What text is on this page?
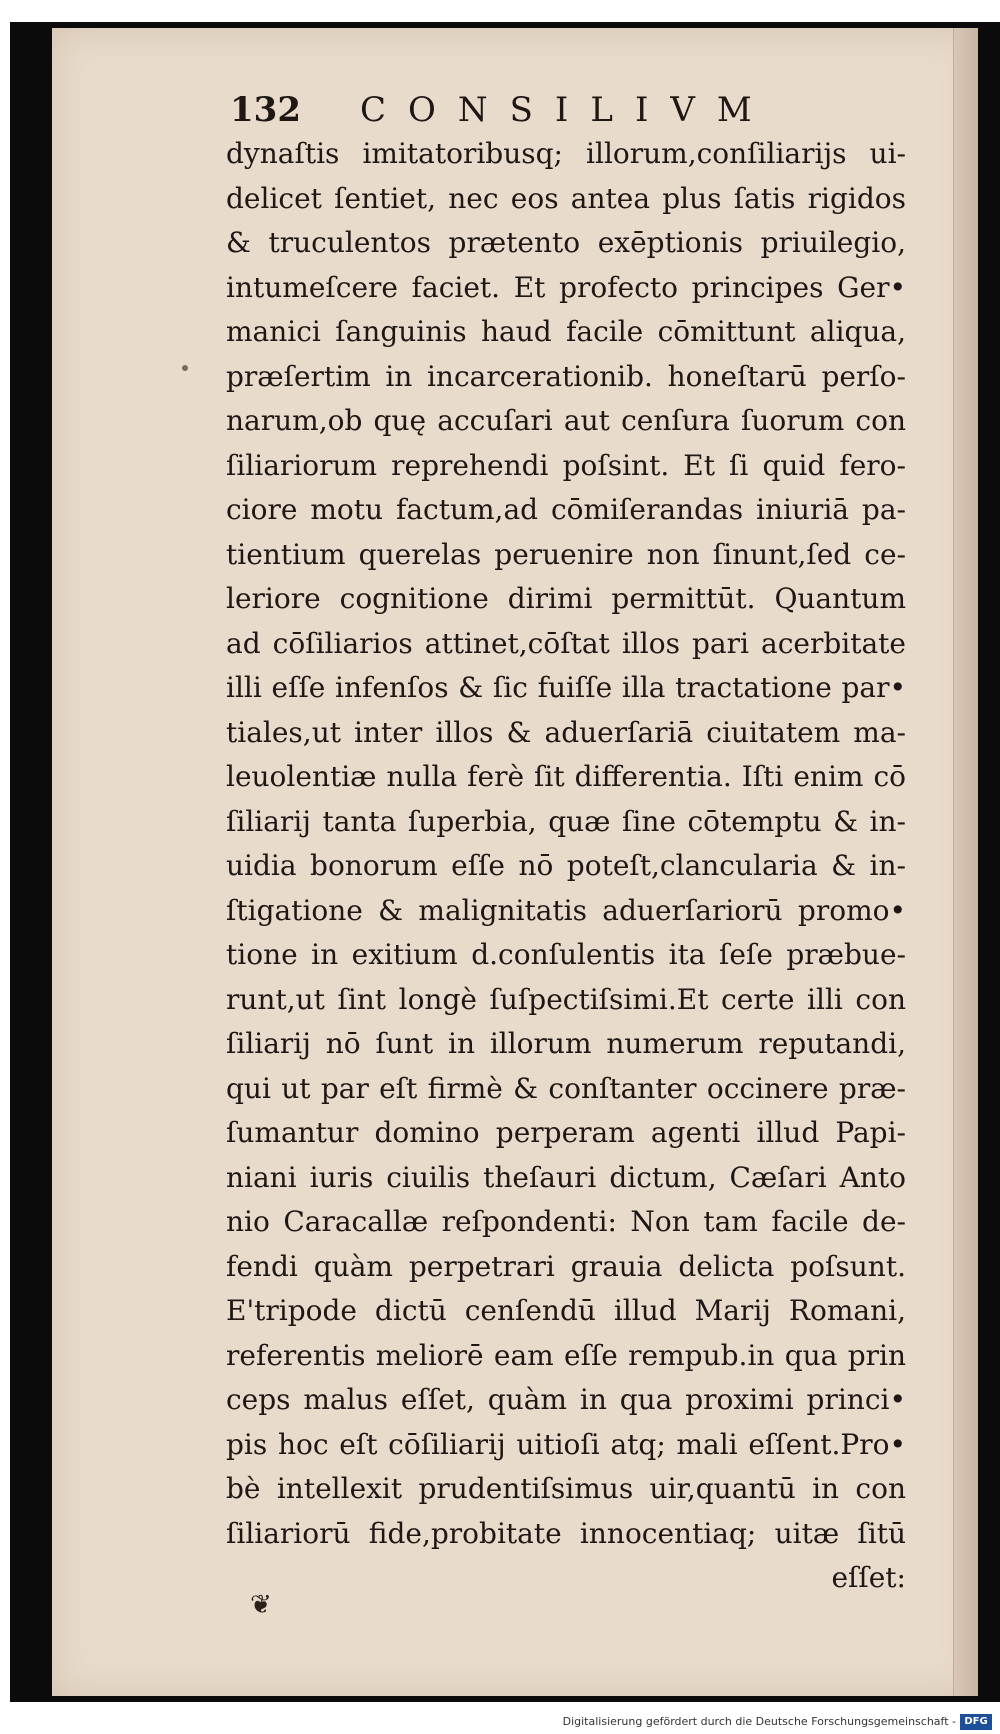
132 CONSILIVM
dynaſtis imitatoribusq; illorum,conſiliarijs ui-
delicet ſentiet, nec eos antea plus ſatis rigidos
& truculentos prætento exēptionis priuilegio,
intumeſcere faciet. Et profecto principes Ger•
manici ſanguinis haud facile cōmittunt aliqua,
præſertim in incarcerationib. honeſtarū perſo-
narum,ob quę accuſari aut cenſura ſuorum con
ſiliariorum reprehendi poſsint. Et ſi quid fero-
ciore motu factum,ad cōmiſerandas iniuriā pa-
tientium querelas peruenire non ſinunt,ſed ce-
leriore cognitione dirimi permittūt. Quantum
ad cōſiliarios attinet,cōſtat illos pari acerbitate
illi eſſe infenſos & ſic fuiſſe illa tractatione par•
tiales,ut inter illos & aduerſariā ciuitatem ma-
leuolentiæ nulla ferè ſit differentia. Iſti enim cō
ſiliarij tanta ſuperbia, quæ ſine cōtemptu & in-
uidia bonorum eſſe nō poteſt,clancularia & in-
ſtigatione & malignitatis aduerſariorū promo•
tione in exitium d.conſulentis ita ſeſe præbue-
runt,ut ſint longè ſuſpectiſsimi.Et certe illi con
ſiliarij nō ſunt in illorum numerum reputandi,
qui ut par eſt firmè & conſtanter occinere præ-
ſumantur domino perperam agenti illud Papi-
niani iuris ciuilis theſauri dictum, Cæſari Anto
nio Caracallæ reſpondenti: Non tam facile de-
fendi quàm perpetrari grauia delicta poſsunt.
E'tripode dictū cenſendū illud Marij Romani,
referentis meliorē eam eſſe rempub.in qua prin
ceps malus eſſet, quàm in qua proximi princi•
pis hoc eſt cōſiliarij uitioſi atq; mali eſſent.Pro•
bè intellexit prudentiſsimus uir,quantū in con
ſiliariorū fide,probitate innocentiaq; uitæ ſitū
eſſet:
❦
Digitalisierung gefördert durch die Deutsche Forschungsgemeinschaft - DFG
